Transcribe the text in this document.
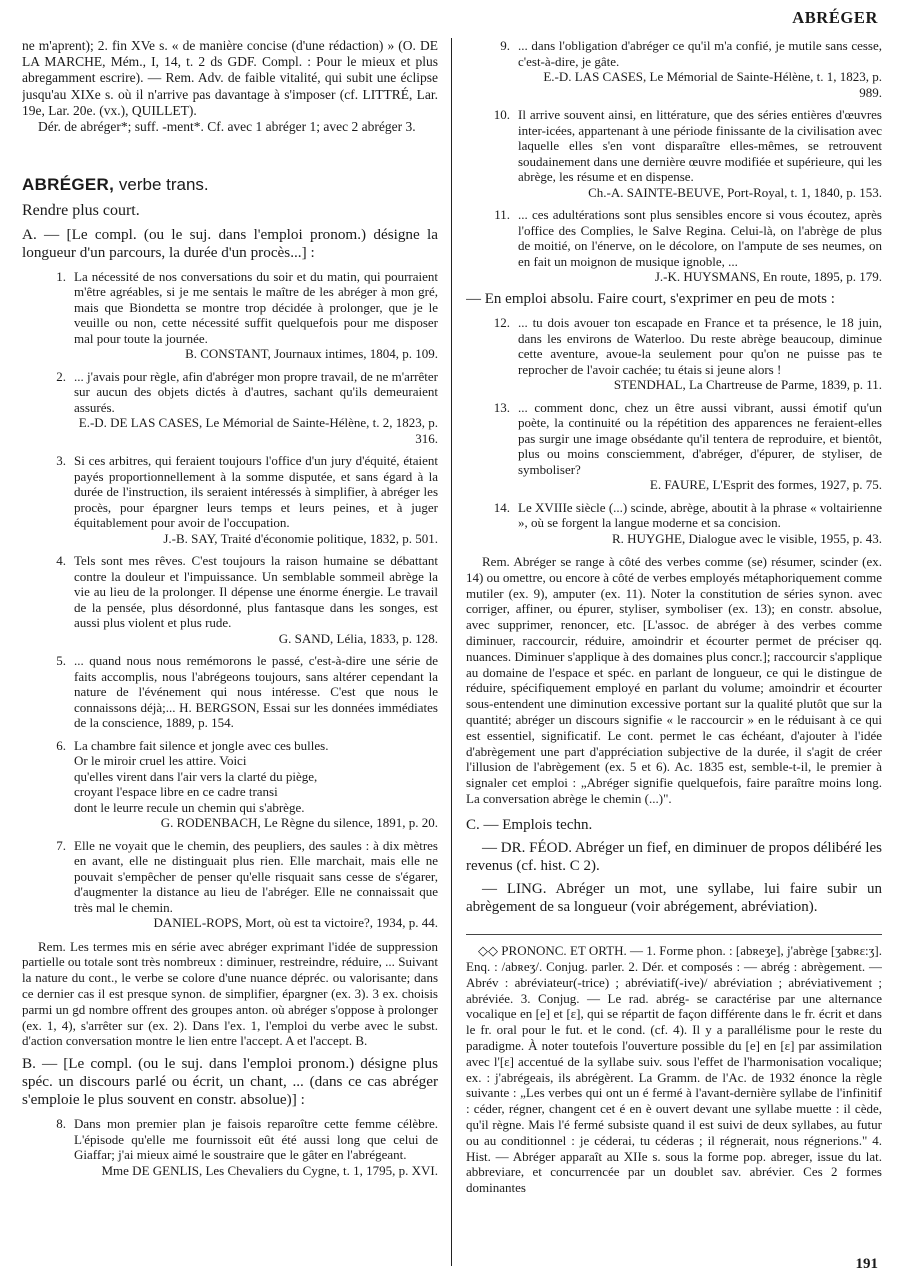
ABRÉGER

ne m'aprent); 2. fin XVe s. « de manière concise (d'une rédaction) » (O. DE LA MARCHE, Mém., I, 14, t. 2 ds GDF. Compl. : Pour le mieux et plus abregamment escrire). — Rem. Adv. de faible vitalité, qui subit une éclipse jusqu'au XIXe s. où il n'arrive pas davantage à s'imposer (cf. LITTRÉ, Lar. 19e, Lar. 20e. (vx.), QUILLET).

Dér. de abréger*; suff. -ment*. Cf. avec 1 abréger 1; avec 2 abréger 3.

ABRÉGER, verbe trans.

Rendre plus court.

A. — [Le compl. (ou le suj. dans l'emploi pronom.) désigne la longueur d'un parcours, la durée d'un procès...] :

1. La nécessité de nos conversations du soir et du matin, qui pourraient m'être agréables, si je me sentais le maître de les abréger à mon gré, mais que Biondetta se montre trop décidée à prolonger, que je le veuille ou non, cette nécessité suffit quelquefois pour me disposer mal pour toute la journée.

B. CONSTANT, Journaux intimes, 1804, p. 109.

2. ... j'avais pour règle, afin d'abréger mon propre travail, de ne m'arrêter sur aucun des objets dictés à d'autres, sachant qu'ils demeuraient assurés.

E.-D. DE LAS CASES, Le Mémorial de Sainte-Hélène, t. 2, 1823, p. 316.

3. Si ces arbitres, qui feraient toujours l'office d'un jury d'équité, étaient payés proportionnellement à la somme disputée, et sans égard à la durée de l'instruction, ils seraient intéressés à simplifier, à abréger les procès, pour épargner leurs temps et leurs peines, et à juger équitablement pour avoir de l'occupation.

J.-B. SAY, Traité d'économie politique, 1832, p. 501.

4. Tels sont mes rêves. C'est toujours la raison humaine se débattant contre la douleur et l'impuissance. Un semblable sommeil abrège la vie au lieu de la prolonger. Il dépense une énorme énergie. Le travail de la pensée, plus désordonné, plus fantasque dans les songes, est aussi plus violent et plus rude.

G. SAND, Lélia, 1833, p. 128.

5. ... quand nous nous remémorons le passé, c'est-à-dire une série de faits accomplis, nous l'abrégeons toujours, sans altérer cependant la nature de l'événement qui nous intéresse. C'est que nous le connaissons déjà;... H. BERGSON, Essai sur les données immédiates de la conscience, 1889, p. 154.

6. La chambre fait silence et jongle avec ces bulles.
Or le miroir cruel les attire. Voici
qu'elles virent dans l'air vers la clarté du piège,
croyant l'espace libre en ce cadre transi
dont le leurre recule un chemin qui s'abrège.

G. RODENBACH, Le Règne du silence, 1891, p. 20.

7. Elle ne voyait que le chemin, des peupliers, des saules : à dix mètres en avant, elle ne distinguait plus rien. Elle marchait, mais elle ne pouvait s'empêcher de penser qu'elle risquait sans cesse de s'égarer, d'augmenter la distance au lieu de l'abréger. Elle ne connaissait que très mal le chemin.

DANIEL-ROPS, Mort, où est ta victoire?, 1934, p. 44.

Rem. Les termes mis en série avec abréger exprimant l'idée de suppression partielle ou totale sont très nombreux : diminuer, restreindre, réduire, ... Suivant la nature du cont., le verbe se colore d'une nuance dépréc. ou valorisante; dans ce dernier cas il est presque synon. de simplifier, épargner (ex. 3). 3 ex. choisis parmi un gd nombre offrent des groupes anton. où abréger s'oppose à prolonger (ex. 1, 4), s'arrêter sur (ex. 2). Dans l'ex. 1, l'emploi du verbe avec le subst. d'action conversation montre le lien entre l'accept. A et l'accept. B.

B. — [Le compl. (ou le suj. dans l'emploi pronom.) désigne plus spéc. un discours parlé ou écrit, un chant, ... (dans ce cas abréger s'emploie le plus souvent en constr. absolue)] :

8. Dans mon premier plan je faisois reparoître cette femme célèbre. L'épisode qu'elle me fournissoit eût été aussi long que celui de Giaffar; j'ai mieux aimé le soustraire que le gâter en l'abrégeant.

Mme DE GENLIS, Les Chevaliers du Cygne, t. 1, 1795, p. XVI.

9. ... dans l'obligation d'abréger ce qu'il m'a confié, je mutile sans cesse, c'est-à-dire, je gâte.

E.-D. LAS CASES, Le Mémorial de Sainte-Hélène, t. 1, 1823, p. 989.

10. Il arrive souvent ainsi, en littérature, que des séries entières d'œuvres inter-icées, appartenant à une période finissante de la civilisation avec laquelle elles s'en vont disparaître elles-mêmes, se retrouvent soudainement dans une dernière œuvre modifiée et supérieure, qui les abrège, les résume et en dispense.

Ch.-A. SAINTE-BEUVE, Port-Royal, t. 1, 1840, p. 153.

11. ... ces adultérations sont plus sensibles encore si vous écoutez, après l'office des Complies, le Salve Regina. Celui-là, on l'abrège de plus de moitié, on l'énerve, on le décolore, on l'ampute de ses neumes, on en fait un moignon de musique ignoble, ...

J.-K. HUYSMANS, En route, 1895, p. 179.

— En emploi absolu. Faire court, s'exprimer en peu de mots :

12. ... tu dois avouer ton escapade en France et ta présence, le 18 juin, dans les environs de Waterloo. Du reste abrège beaucoup, diminue cette aventure, avoue-la seulement pour qu'on ne puisse pas te reprocher de l'avoir cachée; tu étais si jeune alors !

STENDHAL, La Chartreuse de Parme, 1839, p. 11.

13. ... comment donc, chez un être aussi vibrant, aussi émotif qu'un poète, la continuité ou la répétition des apparences ne feraient-elles pas surgir une image obsédante qu'il tentera de reproduire, et bientôt, plus ou moins consciemment, d'abréger, d'épurer, de styliser, de symboliser?

E. FAURE, L'Esprit des formes, 1927, p. 75.

14. Le XVIIIe siècle (...) scinde, abrège, aboutit à la phrase « voltairienne », où se forgent la langue moderne et sa concision.

R. HUYGHE, Dialogue avec le visible, 1955, p. 43.

Rem. Abréger se range à côté des verbes comme (se) résumer, scinder (ex. 14) ou omettre, ou encore à côté de verbes employés métaphoriquement comme mutiler (ex. 9), amputer (ex. 11). Noter la constitution de séries synon. avec corriger, affiner, ou épurer, styliser, symboliser (ex. 13); en constr. absolue, avec supprimer, renoncer, etc. [L'assoc. de abréger à des verbes comme diminuer, raccourcir, réduire, amoindrir et écourter permet de préciser qq. nuances. Diminuer s'applique à des domaines plus concr.]; raccourcir s'applique au domaine de l'espace et spéc. en parlant de longueur, ce qui le distingue de réduire, spécifiquement employé en parlant du volume; amoindrir et écourter sous-entendent une diminution excessive portant sur la qualité plutôt que sur la quantité; abréger un discours signifie « le raccourcir » en le réduisant à ce qui est essentiel, significatif. Le cont. permet le cas échéant, d'ajouter à l'idée d'abrègement une part d'appréciation subjective de la durée, il s'agit de créer l'illusion de l'abrègement (ex. 5 et 6). Ac. 1835 est, semble-t-il, le premier à signaler cet emploi : „Abréger signifie quelquefois, faire paraître moins long. La conversation abrège le chemin (...)".

C. — Emplois techn.

— DR. FÉOD. Abréger un fief, en diminuer de propos délibéré les revenus (cf. hist. C 2).

— LING. Abréger un mot, une syllabe, lui faire subir un abrègement de sa longueur (voir abrégement, abréviation).

◇◇ PRONONC. ET ORTH. — 1. Forme phon. : [abʀeʒe], j'abrège [ʒabʀɛ:ʒ]. Enq. : /abʀeʒ/. Conjug. parler. 2. Dér. et composés : — abrég : abrègement. — Abrév : abréviateur(-trice) ; abréviatif(-ive)/ abréviation ; abréviativement ; abréviée. 3. Conjug. — Le rad. abrég- se caractérise par une alternance vocalique en [e] et [ɛ], qui se répartit de façon différente dans le fr. écrit et dans le fr. oral pour le fut. et le cond. (cf. 4). Il y a parallélisme pour le reste du paradigme. À noter toutefois l'ouverture possible du [e] en [ɛ] par assimilation avec l'[ɛ] accentué de la syllabe suiv. sous l'effet de l'harmonisation vocalique; ex. : j'abrégeais, ils abrégèrent. La Gramm. de l'Ac. de 1932 énonce la règle suivante : „Les verbes qui ont un é fermé à l'avant-dernière syllabe de l'infinitif : céder, régner, changent cet é en è ouvert devant une syllabe muette : il cède, qu'il règne. Mais l'é fermé subsiste quand il est suivi de deux syllabes, au futur ou au conditionnel : je céderai, tu céderas ; il régnerait, nous régnerions." 4. Hist. — Abréger apparaît au XIIe s. sous la forme pop. abreger, issue du lat. abbreviare, et concurrencée par un doublet sav. abrévier. Ces 2 formes dominantes

191
